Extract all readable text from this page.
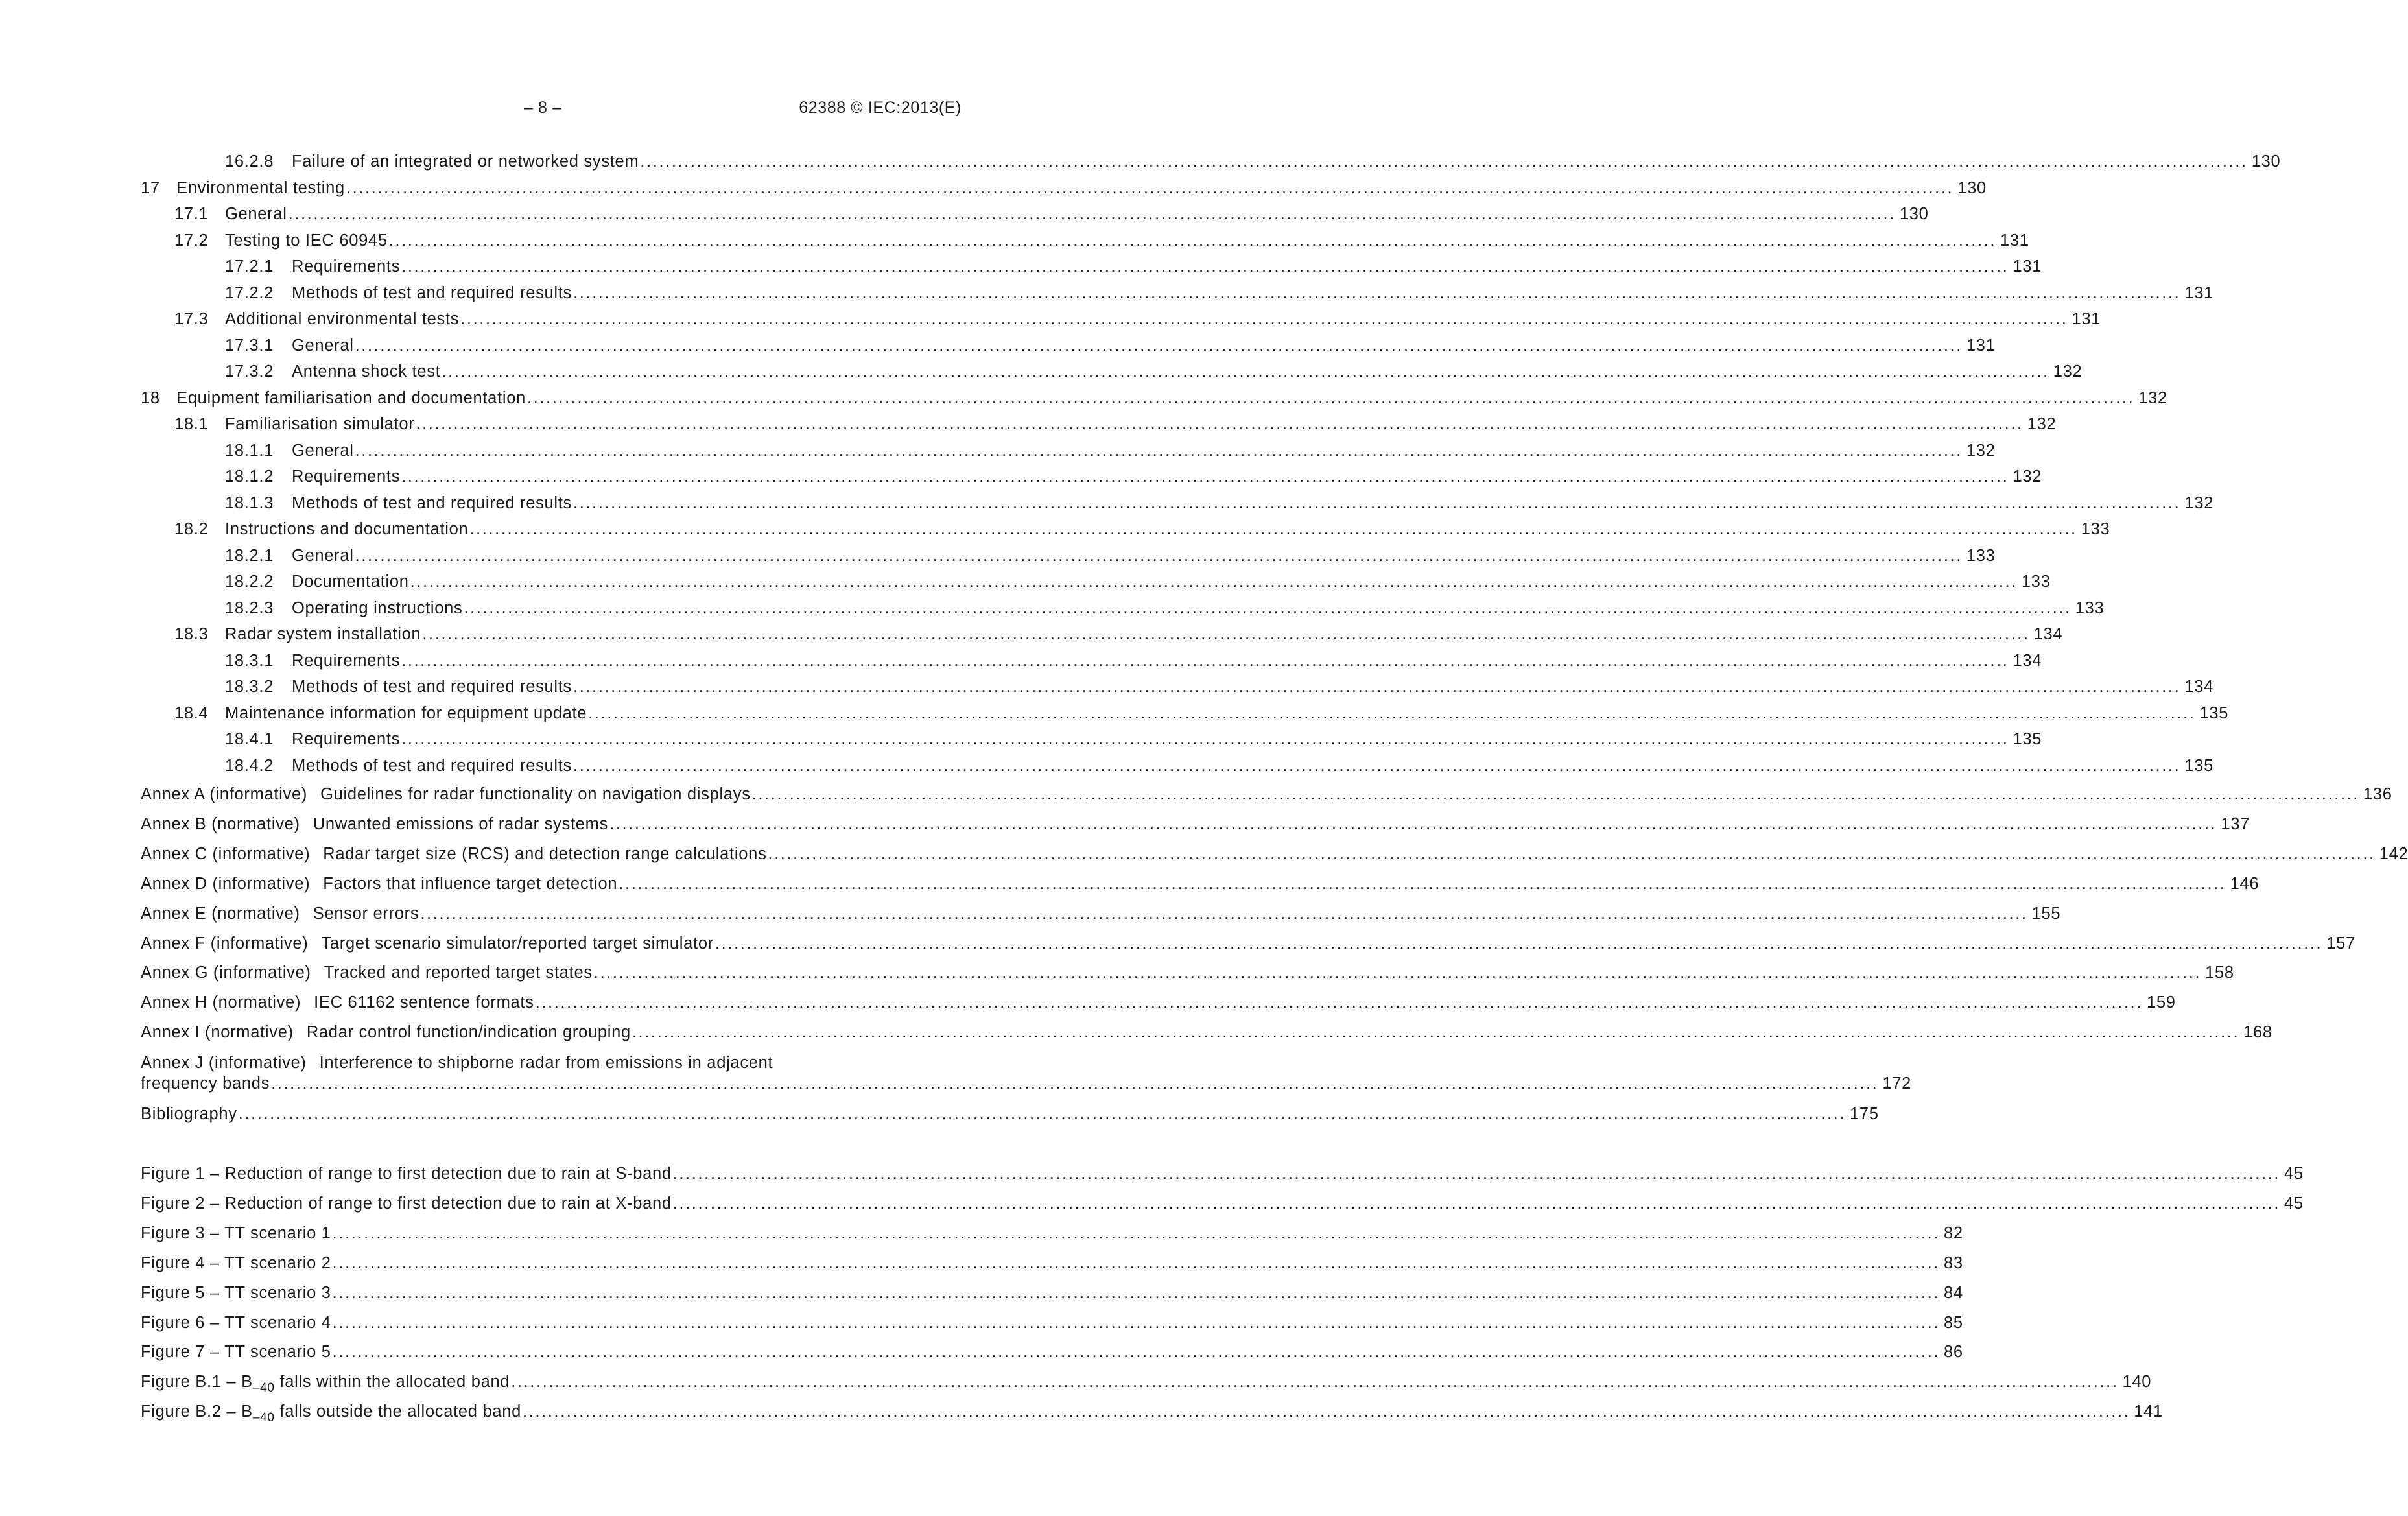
– 8 –	62388 © IEC:2013(E)
16.2.8	Failure of an integrated or networked system .....	130
17 Environmental testing .....	130
17.1	General .....	130
17.2	Testing to IEC 60945 .....	131
17.2.1	Requirements .....	131
17.2.2	Methods of test and required results .....	131
17.3	Additional environmental tests .....	131
17.3.1	General .....	131
17.3.2	Antenna shock test .....	132
18 Equipment familiarisation and documentation .....	132
18.1	Familiarisation simulator .....	132
18.1.1	General .....	132
18.1.2	Requirements .....	132
18.1.3	Methods of test and required results .....	132
18.2	Instructions and documentation .....	133
18.2.1	General .....	133
18.2.2	Documentation .....	133
18.2.3	Operating instructions .....	133
18.3	Radar system installation .....	134
18.3.1	Requirements .....	134
18.3.2	Methods of test and required results .....	134
18.4	Maintenance information for equipment update .....	135
18.4.1	Requirements .....	135
18.4.2	Methods of test and required results .....	135
Annex A (informative) Guidelines for radar functionality on navigation displays .....	136
Annex B (normative) Unwanted emissions of radar systems .....	137
Annex C (informative) Radar target size (RCS) and detection range calculations .....	142
Annex D (informative) Factors that influence target detection .....	146
Annex E (normative) Sensor errors .....	155
Annex F (informative) Target scenario simulator/reported target simulator .....	157
Annex G (informative) Tracked and reported target states .....	158
Annex H (normative) IEC 61162 sentence formats .....	159
Annex I (normative) Radar control function/indication grouping .....	168
Annex J (informative) Interference to shipborne radar from emissions in adjacent
frequency bands .....	172
Bibliography .....	175
Figure 1 – Reduction of range to first detection due to rain at S-band .....	45
Figure 2 – Reduction of range to first detection due to rain at X-band .....	45
Figure 3 – TT scenario 1 .....	82
Figure 4 – TT scenario 2 .....	83
Figure 5 – TT scenario 3 .....	84
Figure 6 – TT scenario 4 .....	85
Figure 7 – TT scenario 5 .....	86
Figure $B.1 - B_{-40}$ falls within the allocated band .....	140
Figure $B.2 - B_{-40}$ falls outside the allocated band .....	141
